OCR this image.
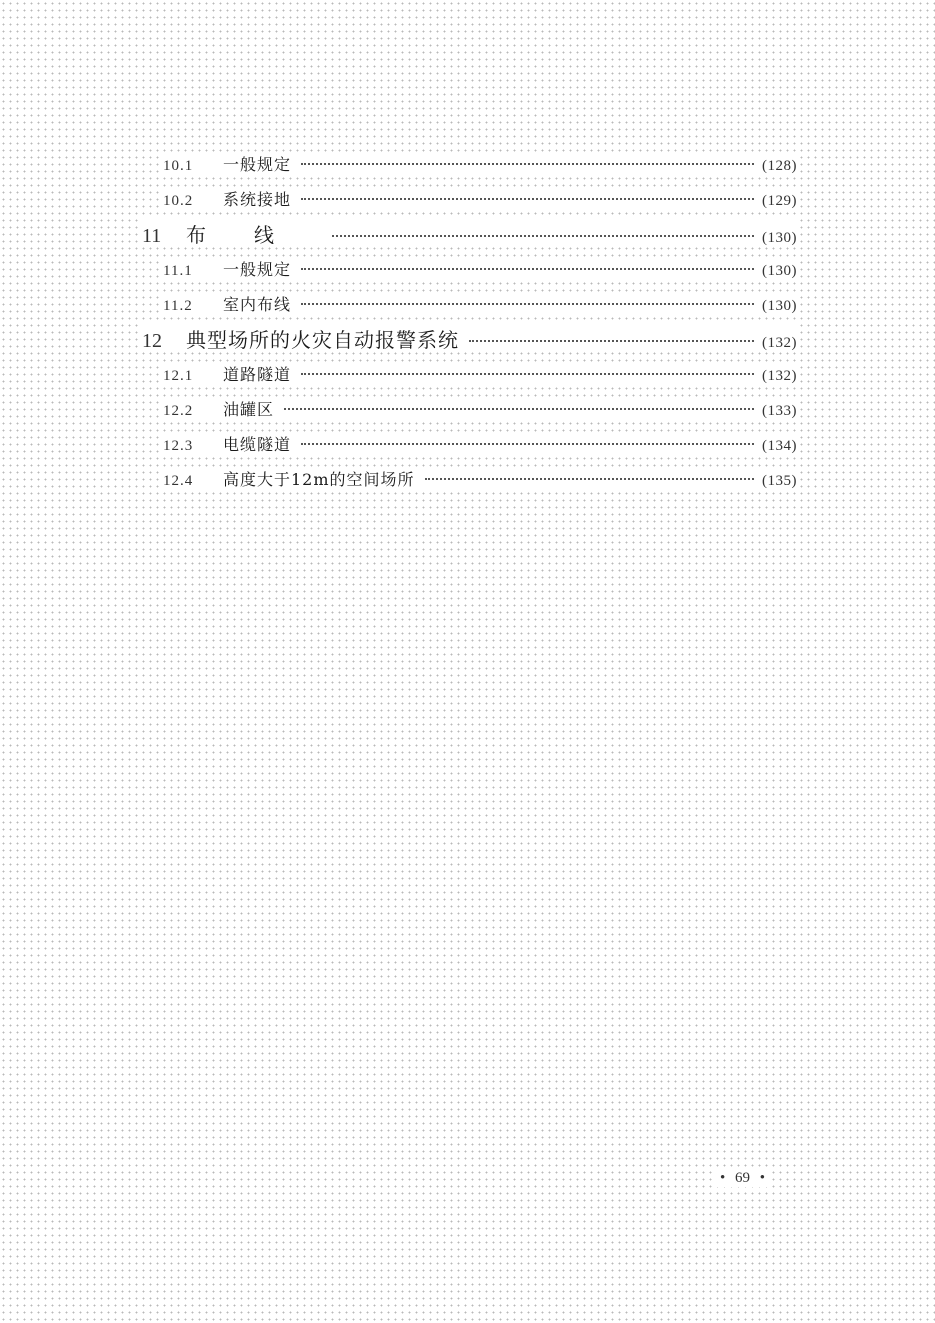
10.1	一般规定	(128)
10.2	系统接地	(129)
11	布线	(130)
11.1	一般规定	(130)
11.2	室内布线	(130)
12	典型场所的火灾自动报警系统	(132)
12.1	道路隧道	(132)
12.2	油罐区	(133)
12.3	电缆隧道	(134)
12.4	高度大于12m的空间场所	(135)
• 69 •
